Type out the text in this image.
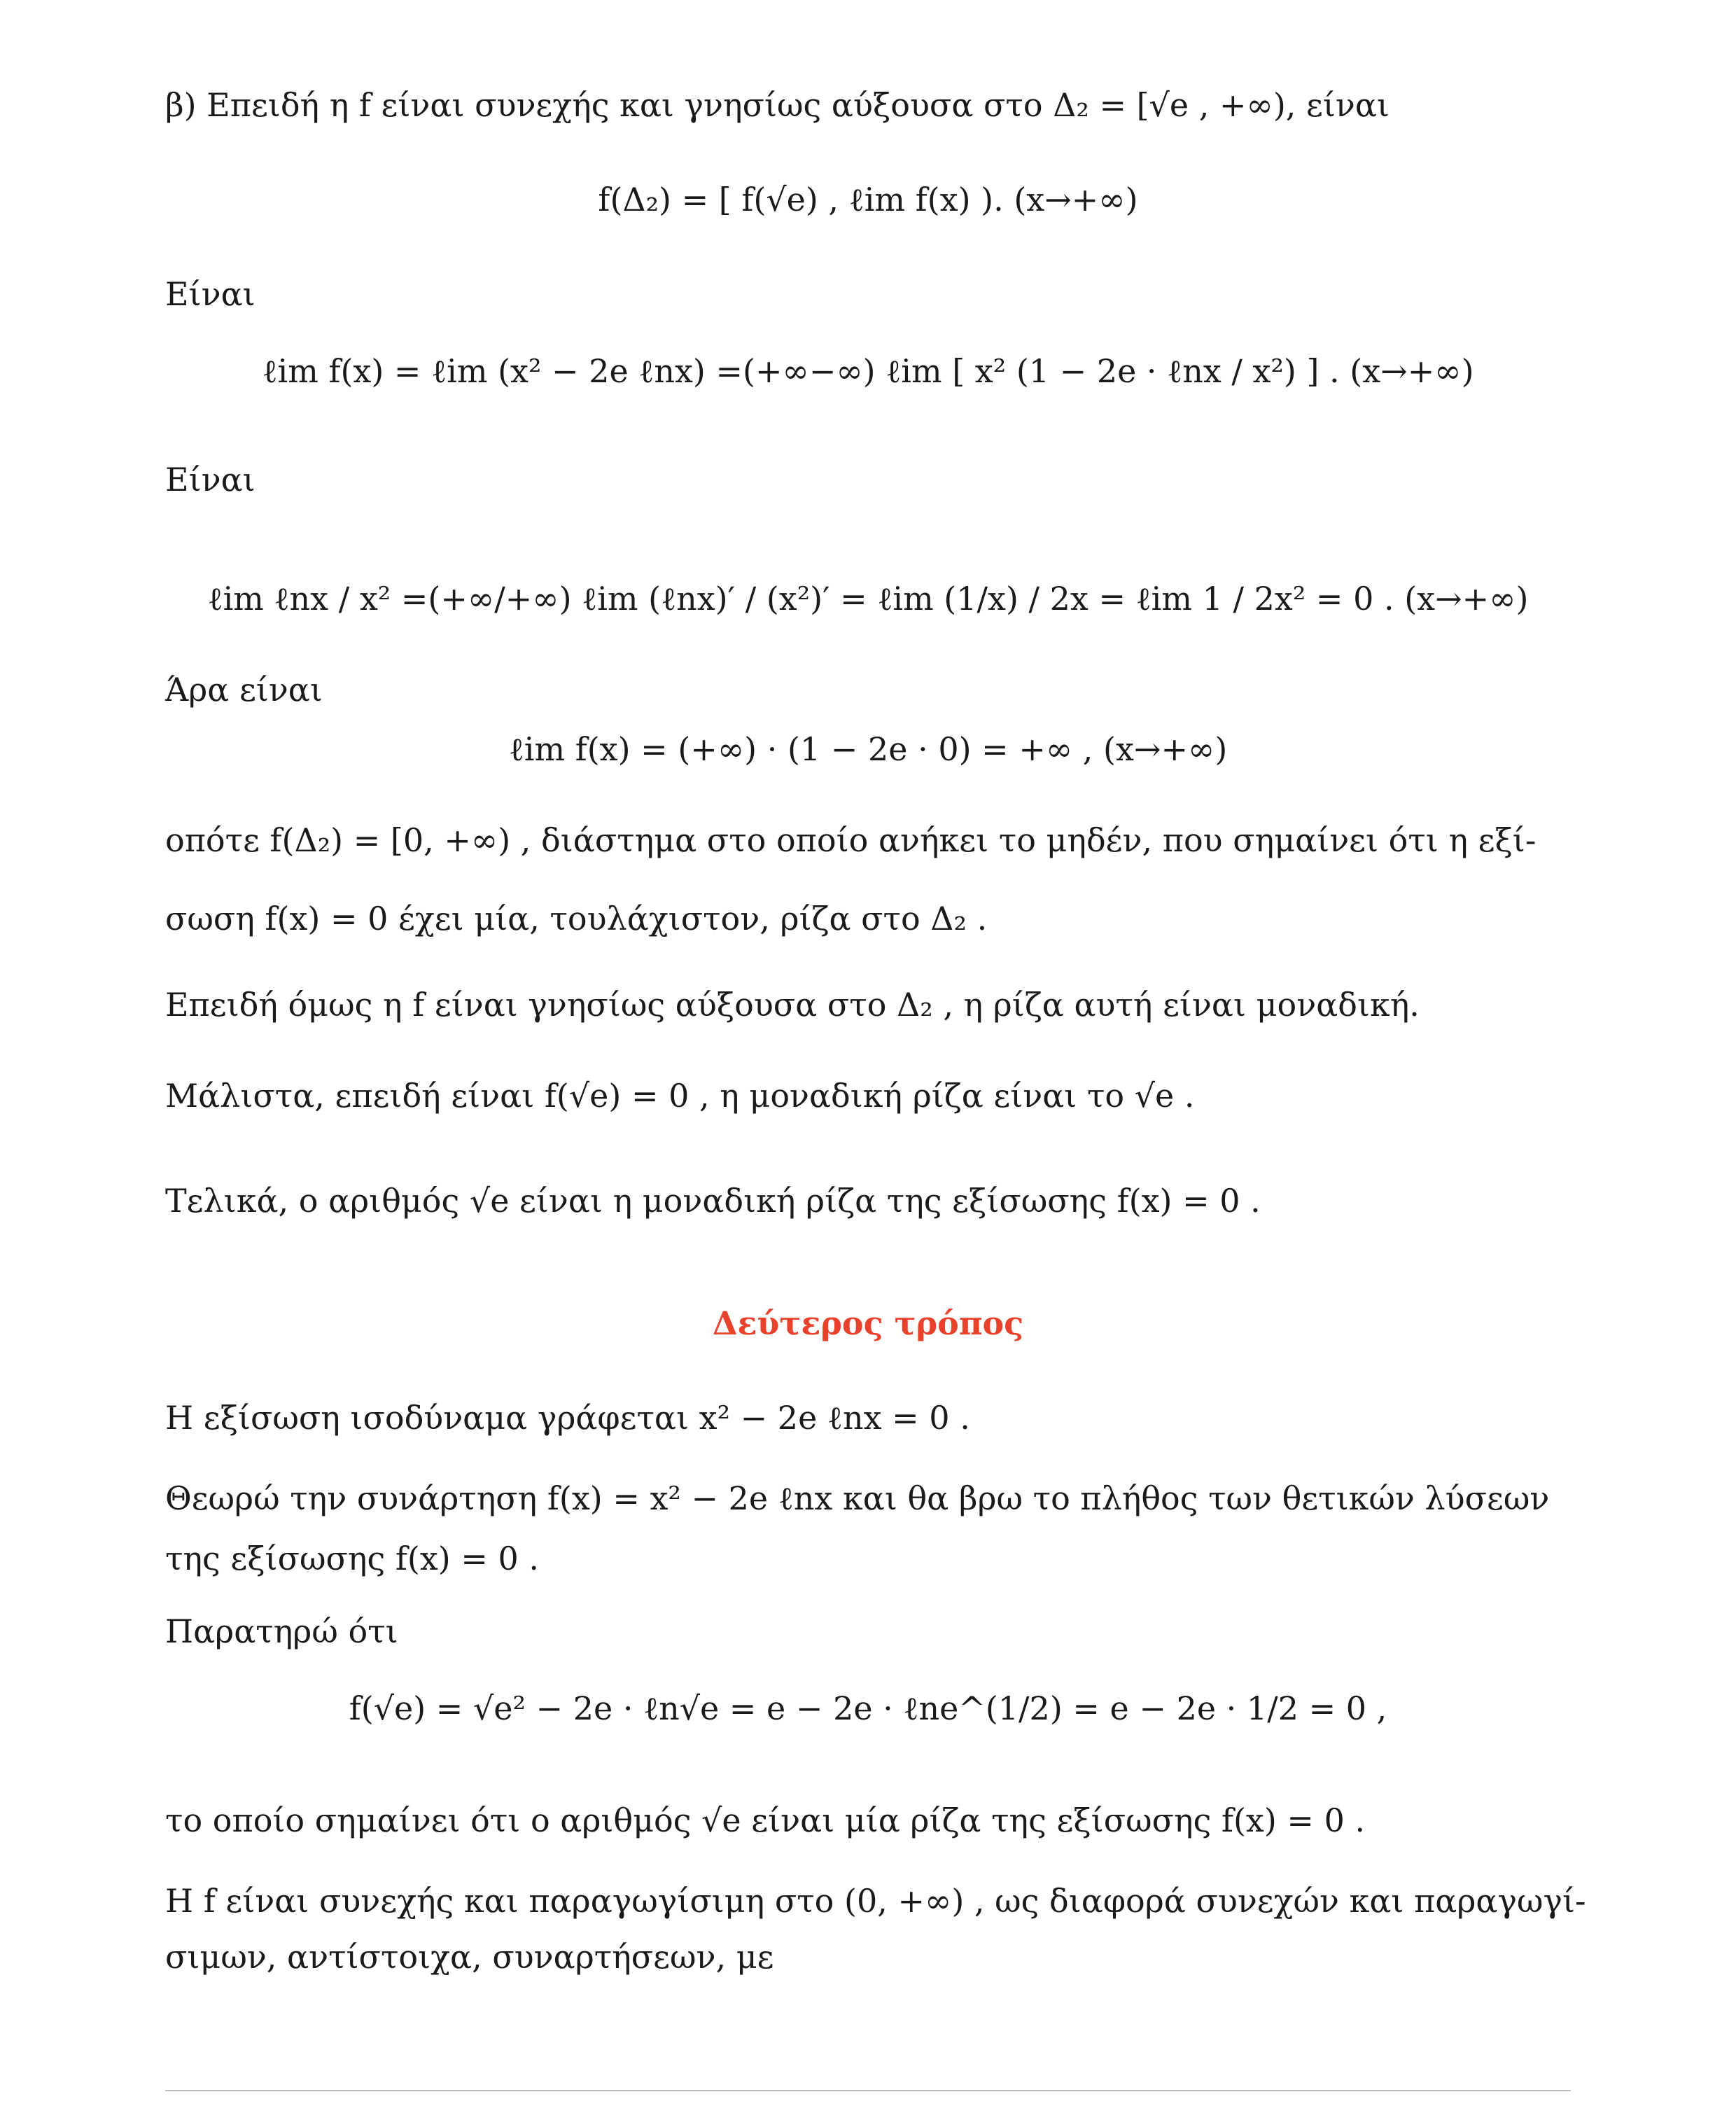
β) Επειδή η f είναι συνεχής και γνησίως αύξουσα στο Δ₂ = [√e , +∞), είναι
f(Δ₂) = [ f(√e) , ℓim f(x) ). (x→+∞)
Είναι
ℓim f(x) = ℓim (x² − 2e ℓnx) =(+∞−∞) ℓim [ x² (1 − 2e · ℓnx / x²) ] . (x→+∞)
Είναι
ℓim ℓnx / x² =(+∞/+∞) ℓim (ℓnx)′ / (x²)′ = ℓim (1/x) / 2x = ℓim 1 / 2x² = 0 . (x→+∞)
Άρα είναι
ℓim f(x) = (+∞) · (1 − 2e · 0) = +∞ , (x→+∞)
οπότε f(Δ₂) = [0, +∞) , διάστημα στο οποίο ανήκει το μηδέν, που σημαίνει ότι η εξί-
σωση f(x) = 0 έχει μία, τουλάχιστον, ρίζα στο Δ₂ .
Επειδή όμως η f είναι γνησίως αύξουσα στο Δ₂ , η ρίζα αυτή είναι μοναδική.
Μάλιστα, επειδή είναι f(√e) = 0 , η μοναδική ρίζα είναι το √e .
Τελικά, ο αριθμός √e είναι η μοναδική ρίζα της εξίσωσης f(x) = 0 .
Δεύτερος τρόπος
Η εξίσωση ισοδύναμα γράφεται x² − 2e ℓnx = 0 .
Θεωρώ την συνάρτηση f(x) = x² − 2e ℓnx και θα βρω το πλήθος των θετικών λύσεων
της εξίσωσης f(x) = 0 .
Παρατηρώ ότι
f(√e) = √e² − 2e · ℓn√e = e − 2e · ℓne^(1/2) = e − 2e · 1/2 = 0 ,
το οποίο σημαίνει ότι ο αριθμός √e είναι μία ρίζα της εξίσωσης f(x) = 0 .
Η f είναι συνεχής και παραγωγίσιμη στο (0, +∞) , ως διαφορά συνεχών και παραγωγί-
σιμων, αντίστοιχα, συναρτήσεων, με
